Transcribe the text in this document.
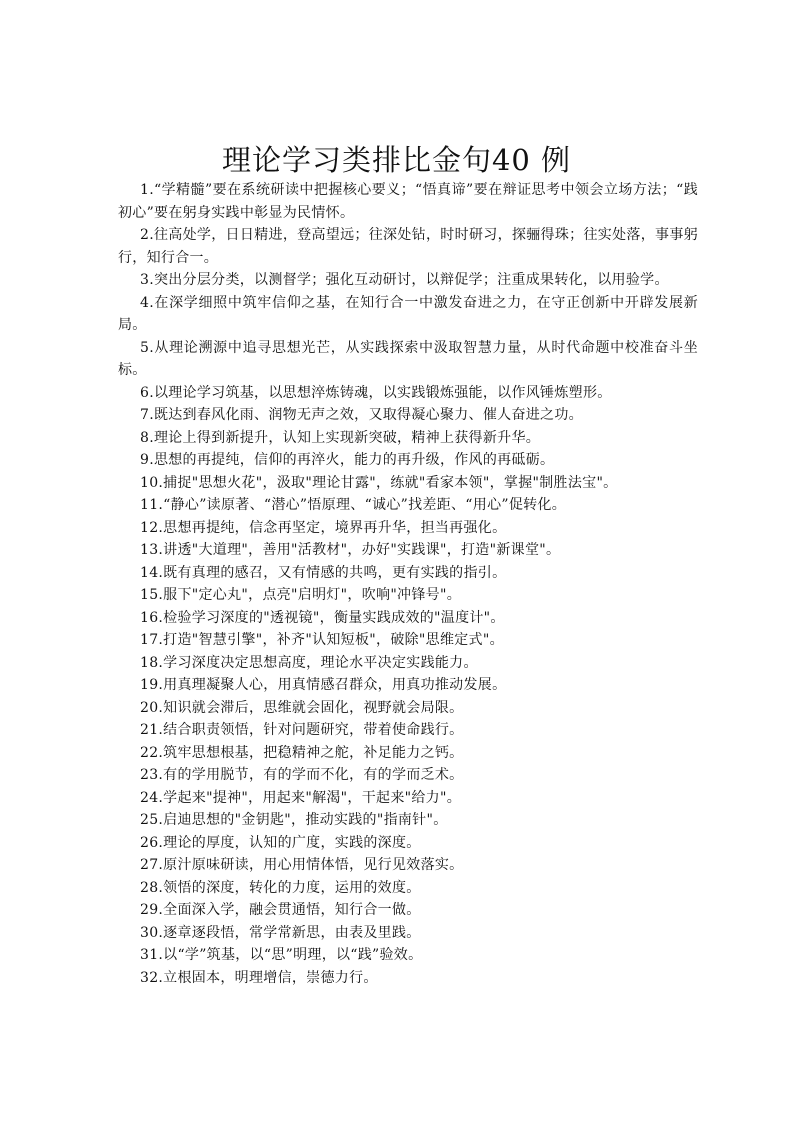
理论学习类排比金句40 例

1.“学精髓”要在系统研读中把握核心要义；“悟真谛”要在辩证思考中领会立场方法；“践初心”要在躬身实践中彰显为民情怀。

2.往高处学，日日精进，登高望远；往深处钻，时时研习，探骊得珠；往实处落，事事躬行，知行合一。

3.突出分层分类，以测督学；强化互动研讨，以辩促学；注重成果转化，以用验学。

4.在深学细照中筑牢信仰之基，在知行合一中激发奋进之力，在守正创新中开辟发展新局。

5.从理论溯源中追寻思想光芒，从实践探索中汲取智慧力量，从时代命题中校准奋斗坐标。

6.以理论学习筑基，以思想淬炼铸魂，以实践锻炼强能，以作风锤炼塑形。

7.既达到春风化雨、润物无声之效，又取得凝心聚力、催人奋进之功。

8.理论上得到新提升，认知上实现新突破，精神上获得新升华。

9.思想的再提纯，信仰的再淬火，能力的再升级，作风的再砥砺。

10.捕捉"思想火花"，汲取"理论甘露"，练就"看家本领"，掌握"制胜法宝"。

11.“静心”读原著、“潜心”悟原理、“诚心”找差距、“用心”促转化。

12.思想再提纯，信念再坚定，境界再升华，担当再强化。

13.讲透"大道理"，善用"活教材"，办好"实践课"，打造"新课堂"。

14.既有真理的感召，又有情感的共鸣，更有实践的指引。

15.服下"定心丸"，点亮"启明灯"，吹响"冲锋号"。

16.检验学习深度的"透视镜"，衡量实践成效的"温度计"。

17.打造"智慧引擎"，补齐"认知短板"，破除"思维定式"。

18.学习深度决定思想高度，理论水平决定实践能力。

19.用真理凝聚人心，用真情感召群众，用真功推动发展。

20.知识就会滞后，思维就会固化，视野就会局限。

21.结合职责领悟，针对问题研究，带着使命践行。

22.筑牢思想根基，把稳精神之舵，补足能力之钙。

23.有的学用脱节，有的学而不化，有的学而乏术。

24.学起来"提神"，用起来"解渴"，干起来"给力"。

25.启迪思想的"金钥匙"，推动实践的"指南针"。

26.理论的厚度，认知的广度，实践的深度。

27.原汁原味研读，用心用情体悟，见行见效落实。

28.领悟的深度，转化的力度，运用的效度。

29.全面深入学，融会贯通悟，知行合一做。

30.逐章逐段悟，常学常新思，由表及里践。

31.以“学”筑基，以“思”明理，以“践”验效。

32.立根固本，明理增信，崇德力行。
